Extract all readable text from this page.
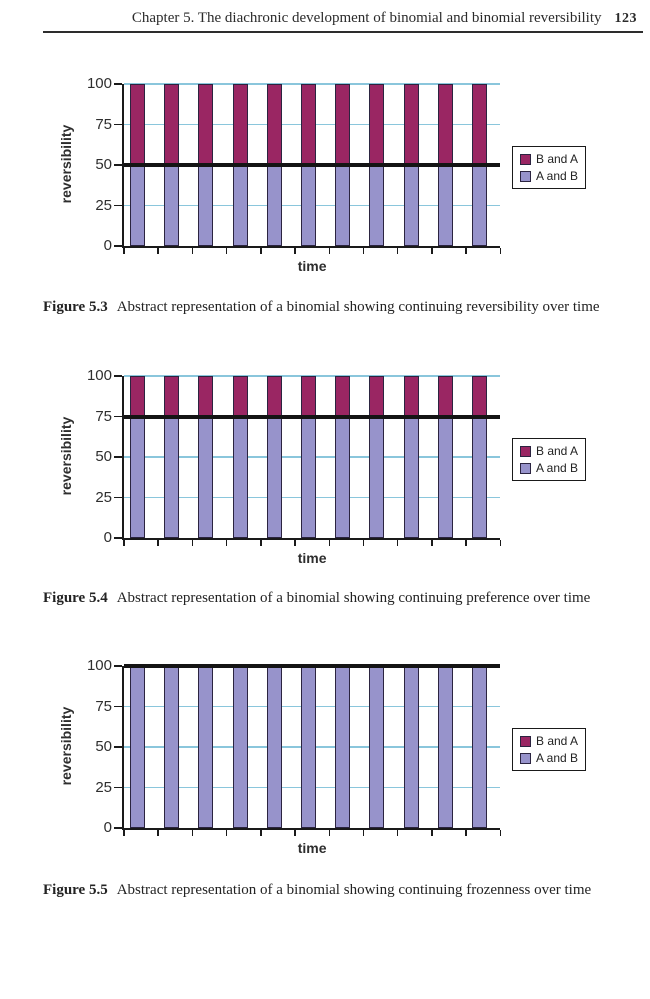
Chapter 5. The diachronic development of binomial and binomial reversibility 123
0
25
50
75
100
reversibility
time
B and A
A and B

Figure 5.3 Abstract representation of a binomial showing continuing reversibility over time

0
25
50
75
100
reversibility
time
B and A
A and B

Figure 5.4 Abstract representation of a binomial showing continuing preference over time

0
25
50
75
100
reversibility
time
B and A
A and B

Figure 5.5 Abstract representation of a binomial showing continuing frozenness over time
